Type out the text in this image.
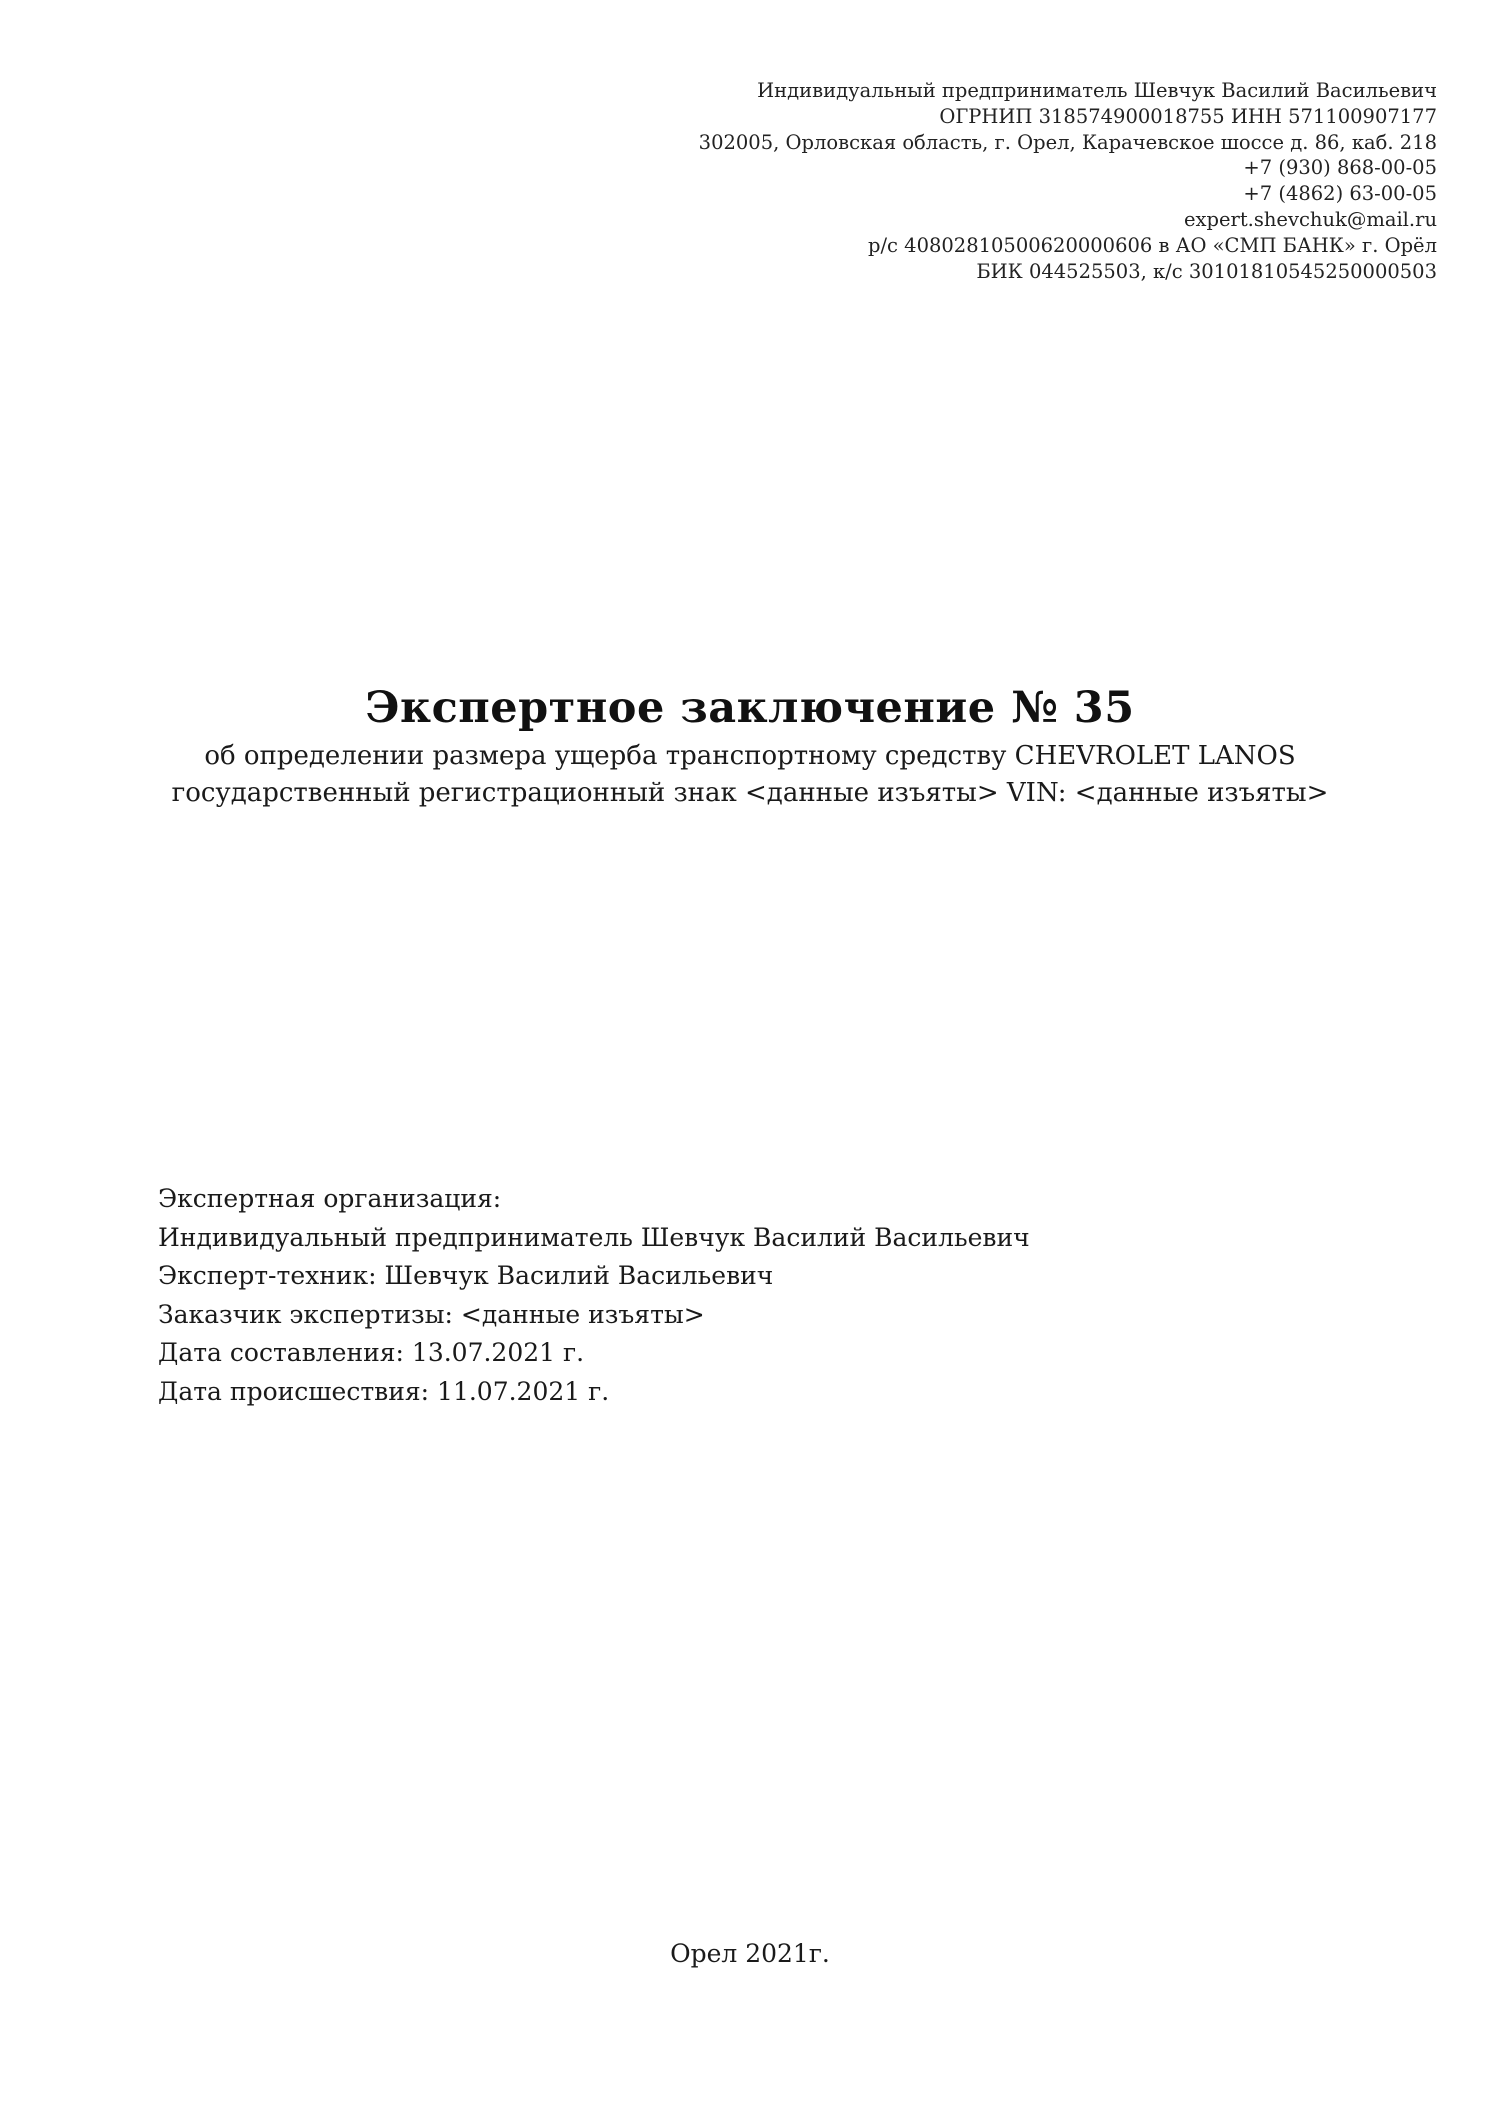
Индивидуальный предприниматель Шевчук Василий Васильевич
ОГРНИП 318574900018755 ИНН 571100907177
302005, Орловская область, г. Орел, Карачевское шоссе д. 86, каб. 218
+7 (930) 868-00-05
+7 (4862) 63-00-05
expert.shevchuk@mail.ru
р/с 40802810500620000606 в АО «СМП БАНК» г. Орёл
БИК 044525503, к/с 30101810545250000503
Экспертное заключение № 35
об определении размера ущерба транспортному средству CHEVROLET LANOS
государственный регистрационный знак <данные изъяты> VIN: <данные изъяты>
Экспертная организация:
Индивидуальный предприниматель Шевчук Василий Васильевич
Эксперт-техник: Шевчук Василий Васильевич
Заказчик экспертизы: <данные изъяты>
Дата составления: 13.07.2021 г.
Дата происшествия: 11.07.2021 г.
Орел 2021г.
